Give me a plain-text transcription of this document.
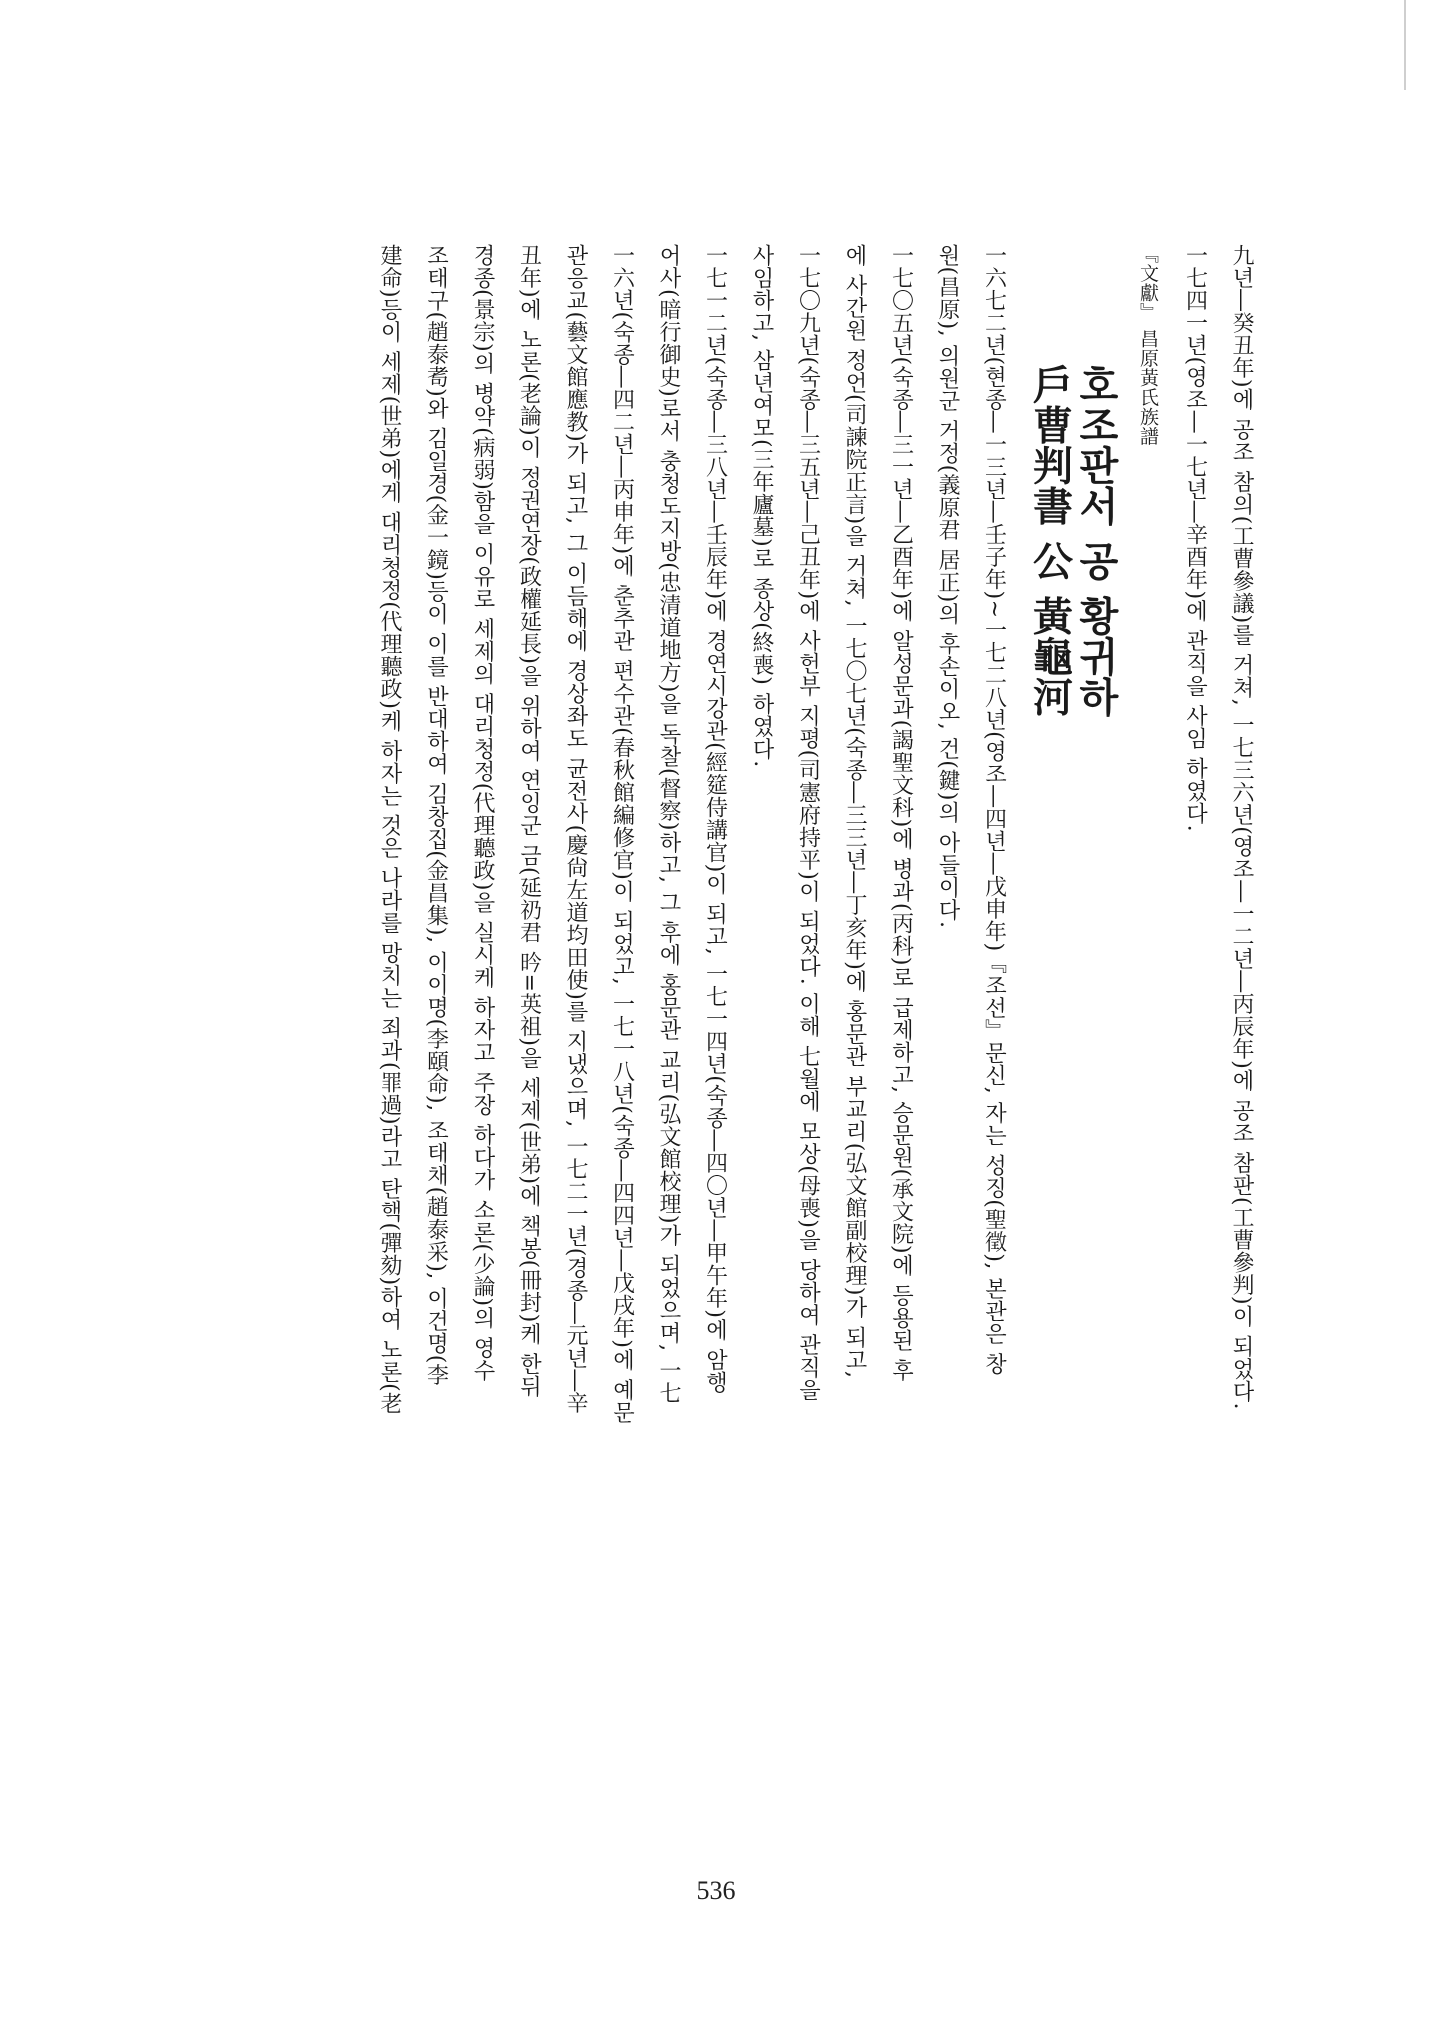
九년―癸丑年)에 공조 참의(工曹參議)를 거쳐, 一七三六년(영조―一二년―丙辰年)에 공조 참판(工曹參判)이 되었다.
一七四一년(영조―一七년―辛酉年)에 관직을 사임 하였다.
『文獻』 昌原黃氏族譜
호조판서 공 황귀하
戶曹判書 公 黃龜河
一六七二년(현종―一三년―壬子年)~一七二八년(영조―四년―戊申年)『조선』문신, 자는 성징(聖徵), 본관은 창
원(昌原), 의원군 거정(義原君 居正)의 후손이오, 건(鍵)의 아들이다.
一七〇五년(숙종―三一년―乙酉年)에 알성문과(謁聖文科)에 병과(丙科)로 급제하고, 승문원(承文院)에 등용된 후
에 사간원 정언(司諫院正言)을 거쳐, 一七〇七년(숙종―三三년―丁亥年)에 홍문관 부교리(弘文館副校理)가 되고,
一七〇九년(숙종―三五년―己丑年)에 사헌부 지평(司憲府持平)이 되었다. 이해 七월에 모상(母喪)을 당하여 관직을
사임하고, 삼년여모(三年廬墓)로 종상(終喪) 하였다.
一七一二년(숙종―三八년―壬辰年)에 경연시강관(經筵侍講官)이 되고, 一七一四년(숙종―四〇년―甲午年)에 암행
어사(暗行御史)로서 충청도지방(忠清道地方)을 독찰(督察)하고, 그 후에 홍문관 교리(弘文館校理)가 되었으며, 一七
一六년(숙종―四二년―丙申年)에 춘추관 편수관(春秋館編修官)이 되었고, 一七一八년(숙종―四四년―戊戌年)에 예문
관응교(藝文館應教)가 되고, 그 이듬해에 경상좌도 균전사(慶尙左道均田使)를 지냈으며, 一七二一년(경종―元년―辛
丑年)에 노론(老論)이 정권연장(政權延長)을 위하여 연잉군 금(延礽君 昑=英祖)을 세제(世弟)에 책봉(冊封)케 한뒤
경종(景宗)의 병약(病弱)함을 이유로 세제의 대리청정(代理聽政)을 실시케 하자고 주장 하다가 소론(少論)의 영수
조태구(趙泰耉)와 김일경(金一鏡)등이 이를 반대하여 김창집(金昌集), 이이명(李頤命), 조태채(趙泰采), 이건명(李
建命)등이 세제(世弟)에게 대리청정(代理聽政)케 하자는 것은 나라를 망치는 죄과(罪過)라고 탄핵(彈劾)하여 노론(老
536
